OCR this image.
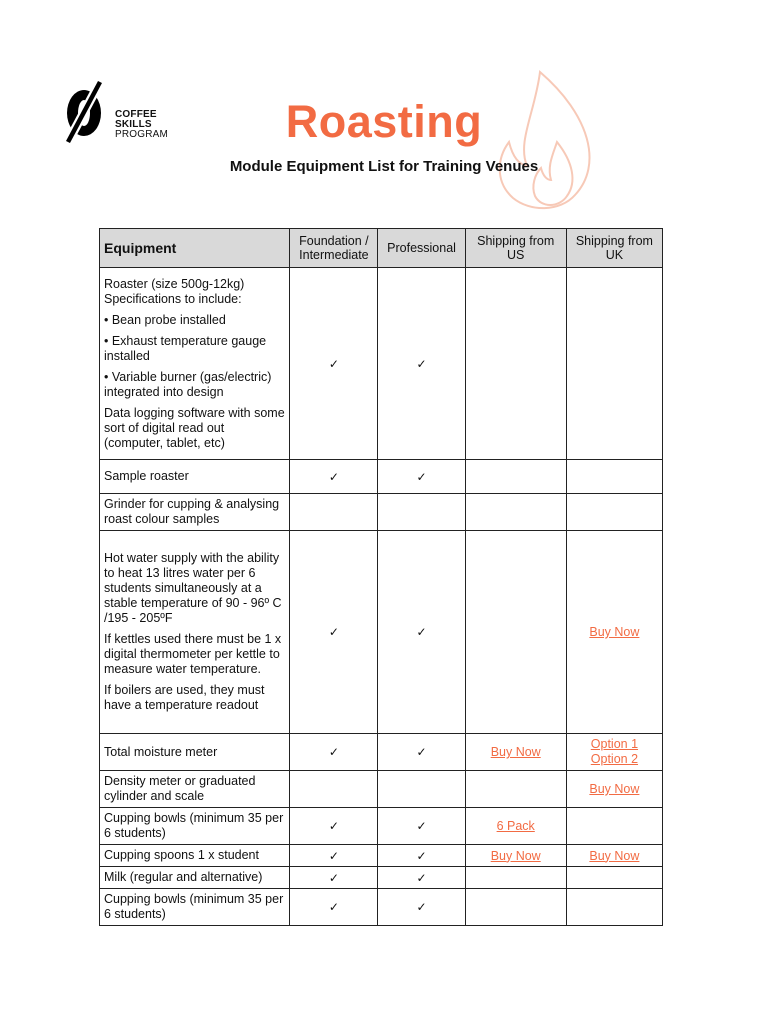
COFFEE
SKILLS
PROGRAM	Roasting
Module Equipment List for Training Venues
Equipment	Foundation / Intermediate	Professional	Shipping from US	Shipping from UK

Roaster (size 500g-12kg) Specifications to include:

• Bean probe installed

• Exhaust temperature gauge installed

• Variable burner (gas/electric) integrated into design

Data logging software with some sort of digital read out (computer, tablet, etc)	✓	✓		

Sample roaster	✓	✓		

Grinder for cupping & analysing roast colour samples				

Hot water supply with the ability to heat 13 litres water per 6 students simultaneously at a stable temperature of 90 - 96º C /195 - 205ºF

If kettles used there must be 1 x digital thermometer per kettle to measure water temperature.

If boilers are used, they must have a temperature readout	✓	✓		Buy Now

Total moisture meter	✓	✓	Buy Now	Option 1
Option 2

Density meter or graduated cylinder and scale				Buy Now

Cupping bowls (minimum 35 per 6 students)	✓	✓	6 Pack	

Cupping spoons 1 x student	✓	✓	Buy Now	Buy Now

Milk (regular and alternative)	✓	✓		

Cupping bowls (minimum 35 per 6 students)	✓	✓		
